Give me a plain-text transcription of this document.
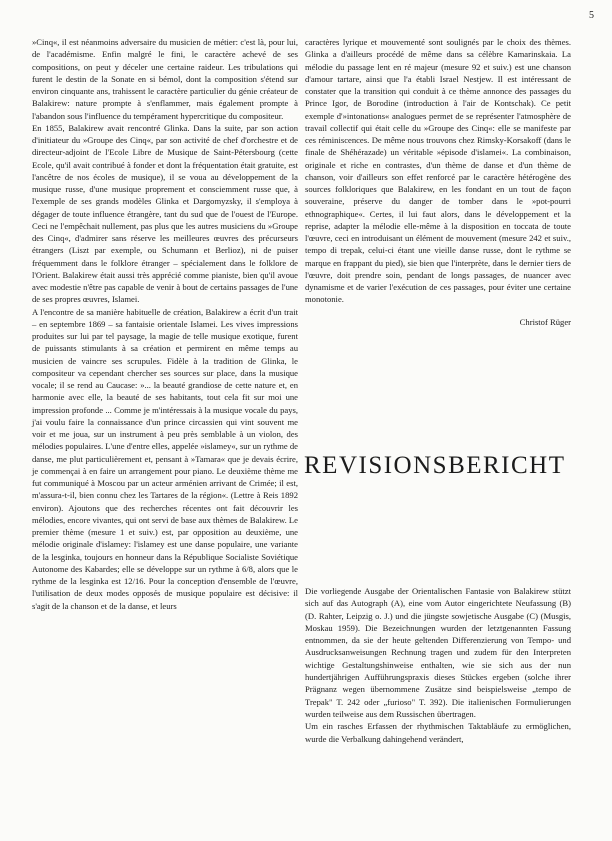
5

»Cinq«, il est néanmoins adversaire du musicien de métier: c'est là, pour lui, de l'académisme. Enfin malgré le fini, le caractère achevé de ses compositions, on peut y déceler une certaine raideur. Les tribulations qui furent le destin de la Sonate en si bémol, dont la composition s'étend sur environ cinquante ans, trahissent le caractère particulier du génie créateur de Balakirew: nature prompte à s'enflammer, mais également prompte à l'abandon sous l'influence du tempérament hypercritique du compositeur.

En 1855, Balakirew avait rencontré Glinka. Dans la suite, par son action d'initiateur du »Groupe des Cinq«, par son activité de chef d'orchestre et de directeur-adjoint de l'Ecole Libre de Musique de Saint-Pétersbourg (cette Ecole, qu'il avait contribué à fonder et dont la fréquentation était gratuite, est l'ancêtre de nos écoles de musique), il se voua au développement de la musique russe, d'une musique proprement et consciemment russe que, à l'exemple de ses grands modèles Glinka et Dargomyzsky, il s'employa à dégager de toute influence étrangère, tant du sud que de l'ouest de l'Europe. Ceci ne l'empêchait nullement, pas plus que les autres musiciens du »Groupe des Cinq«, d'admirer sans réserve les meilleures œuvres des précurseurs étrangers (Liszt par exemple, ou Schumann et Berlioz), ni de puiser fréquemment dans le folklore étranger – spécialement dans le folklore de l'Orient. Balakirew était aussi très apprécié comme pianiste, bien qu'il avoue avec modestie n'être pas capable de venir à bout de certains passages de l'une de ses propres œuvres, Islamei.

A l'encontre de sa manière habituelle de création, Balakirew a écrit d'un trait – en septembre 1869 – sa fantaisie orientale Islamei. Les vives impressions produites sur lui par tel paysage, la magie de telle musique exotique, furent de puissants stimulants à sa création et permirent en même temps au musicien de vaincre ses scrupules. Fidèle à la tradition de Glinka, le compositeur va cependant chercher ses sources sur place, dans la musique vocale; il se rend au Caucase: »... la beauté grandiose de cette nature et, en harmonie avec elle, la beauté de ses habitants, tout cela fit sur moi une impression profonde ... Comme je m'intéressais à la musique vocale du pays, j'ai voulu faire la connaissance d'un prince circassien qui vint souvent me voir et me joua, sur un instrument à peu près semblable à un violon, des mélodies populaires. L'une d'entre elles, appelée »islamey«, sur un rythme de danse, me plut particulièrement et, pensant à »Tamara« que je devais écrire, je commençai à en faire un arrangement pour piano. Le deuxième thème me fut communiqué à Moscou par un acteur arménien arrivant de Crimée; il est, m'assura-t-il, bien connu chez les Tartares de la région«. (Lettre à Reis 1892 environ). Ajoutons que des recherches récentes ont fait découvrir les mélodies, encore vivantes, qui ont servi de base aux thèmes de Balakirew. Le premier thème (mesure 1 et suiv.) est, par opposition au deuxième, une mélodie originale d'islamey: l'islamey est une danse populaire, une variante de la lesginka, toujours en honneur dans la République Socialiste Soviétique Autonome des Kabardes; elle se développe sur un rythme à 6/8, alors que le rythme de la lesginka est 12/16. Pour la conception d'ensemble de l'œuvre, l'utilisation de deux modes opposés de musique populaire est décisive: il s'agit de la chanson et de la danse, et leurs

caractères lyrique et mouvementé sont soulignés par le choix des thèmes. Glinka a d'ailleurs procédé de même dans sa célèbre Kamarinskaia. La mélodie du passage lent en ré majeur (mesure 92 et suiv.) est une chanson d'amour tartare, ainsi que l'a établi Israel Nestjew. Il est intéressant de constater que la transition qui conduit à ce thème annonce des passages du Prince Igor, de Borodine (introduction à l'air de Kontschak). Ce petit exemple d'»intonations« analogues permet de se représenter l'atmosphère de travail collectif qui était celle du »Groupe des Cinq«: elle se manifeste par ces réminiscences. De même nous trouvons chez Rimsky-Korsakoff (dans le finale de Shéhérazade) un véritable »épisode d'islamei«. La combinaison, originale et riche en contrastes, d'un thème de danse et d'un thème de chanson, voir d'ailleurs son effet renforcé par le caractère hétérogène des sources folkloriques que Balakirew, en les fondant en un tout de façon souveraine, préserve du danger de tomber dans le »pot-pourri ethnographique«. Certes, il lui faut alors, dans le développement et la reprise, adapter la mélodie elle-même à la disposition en toccata de toute l'œuvre, ceci en introduisant un élément de mouvement (mesure 242 et suiv., tempo di trepak, celui-ci étant une vieille danse russe, dont le rythme se marque en frappant du pied), sie bien que l'interprète, dans le dernier tiers de l'œuvre, doit prendre soin, pendant de longs passages, de nuancer avec dynamisme et de varier l'exécution de ces passages, pour éviter une certaine monotonie.

Christof Rüger
REVISIONSBERICHT

Die vorliegende Ausgabe der Orientalischen Fantasie von Balakirew stützt sich auf das Autograph (A), eine vom Autor eingerichtete Neufassung (B) (D. Rahter, Leipzig o. J.) und die jüngste sowjetische Ausgabe (C) (Musgis, Moskau 1959). Die Bezeichnungen wurden der letztgenannten Fassung entnommen, da sie der heute geltenden Differenzierung von Tempo- und Ausdrucksanweisungen Rechnung tragen und zudem für den Interpreten wichtige Gestaltungshinweise enthalten, wie sie sich aus der nun hundertjährigen Aufführungspraxis dieses Stückes ergeben (solche ihrer Prägnanz wegen übernommene Zusätze sind beispielsweise „tempo de Trepak" T. 242 oder „furioso" T. 392). Die italienischen Formulierungen wurden teilweise aus dem Russischen übertragen.

Um ein rasches Erfassen der rhythmischen Taktabläufe zu ermöglichen, wurde die Verbalkung dahingehend verändert,
